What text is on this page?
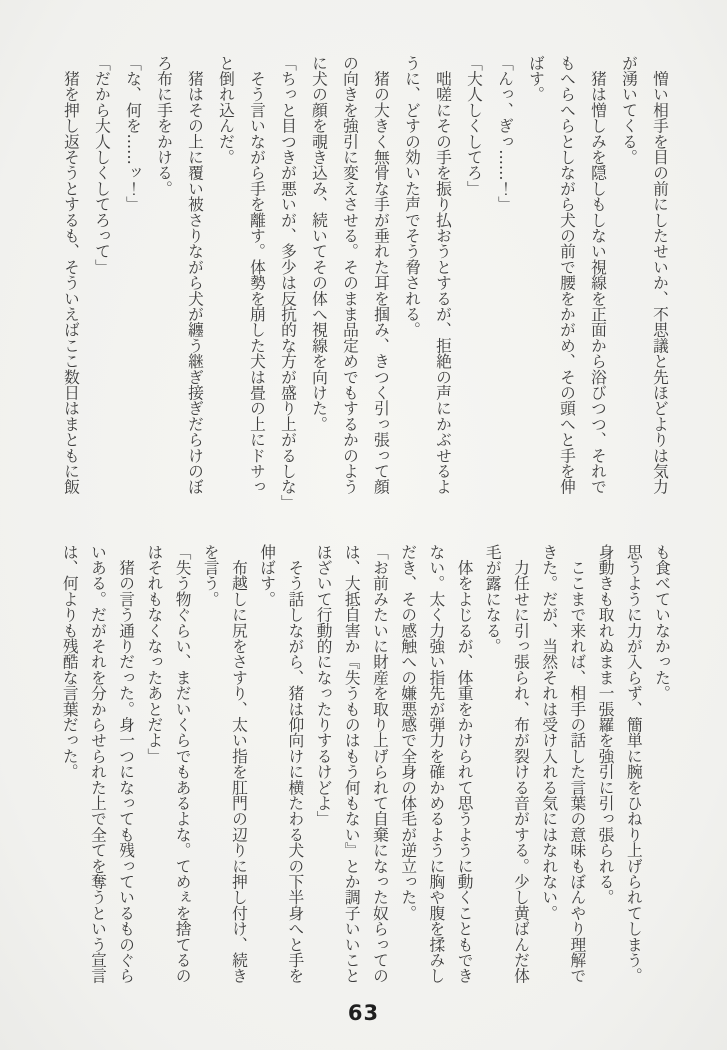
　憎い相手を目の前にしたせいか、不思議と先ほどよりは気力

が湧いてくる。

　猪は憎しみを隠しもしない視線を正面から浴びつつ、それで

もへらへらとしながら犬の前で腰をかがめ、その頭へと手を伸

ばす。

「んっ、ぎっ……！」

「大人しくしてろ」

　咄嗟にその手を振り払おうとするが、拒絶の声にかぶせるよ

うに、どすの効いた声でそう脅される。

　猪の大きく無骨な手が垂れた耳を掴み、きつく引っ張って顔

の向きを強引に変えさせる。そのまま品定めでもするかのよう

に犬の顔を覗き込み、続いてその体へ視線を向けた。

「ちっと目つきが悪いが、多少は反抗的な方が盛り上がるしな」

　そう言いながら手を離す。体勢を崩した犬は畳の上にドサっ

と倒れ込んだ。

　猪はその上に覆い被さりながら犬が纏う継ぎ接ぎだらけのぼ

ろ布に手をかける。

「な、何を……ッ！」

「だから大人しくしてろって」

　猪を押し返そうとするも、そういえばここ数日はまともに飯

も食べていなかった。

思うように力が入らず、簡単に腕をひねり上げられてしまう。

身動きも取れぬまま一張羅を強引に引っ張られる。

　ここまで来れば、相手の話した言葉の意味もぼんやり理解で

きた。だが、当然それは受け入れる気にはなれない。

　力任せに引っ張られ、布が裂ける音がする。少し黄ばんだ体

毛が露になる。

　体をよじるが、体重をかけられて思うように動くこともでき

ない。太く力強い指先が弾力を確かめるように胸や腹を揉みし

だき、その感触への嫌悪感で全身の体毛が逆立った。

「お前みたいに財産を取り上げられて自棄になった奴らっての

は、大抵自害か『失うものはもう何もない』とか調子いいこと

ほざいて行動的になったりするけどよ」

　そう話しながら、猪は仰向けに横たわる犬の下半身へと手を

伸ばす。

　布越しに尻をさすり、太い指を肛門の辺りに押し付け、続き

を言う。

「失う物ぐらい、まだいくらでもあるよな。てめぇを捨てるの

はそれもなくなったあとだよ」

　猪の言う通りだった。身一つになっても残っているものぐら

いある。だがそれを分からせられた上で全てを奪うという宣言

は、何よりも残酷な言葉だった。

63
